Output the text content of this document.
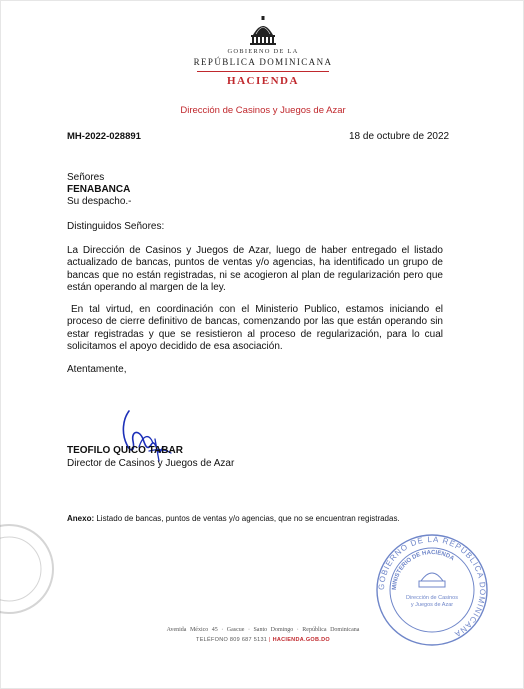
GOBIERNO DE LA
REPÚBLICA DOMINICANA
HACIENDA
Dirección de Casinos y Juegos de Azar
MH-2022-028891	18 de octubre de 2022
Señores
FENABANCA
Su despacho.-
Distinguidos Señores:
La Dirección de Casinos y Juegos de Azar, luego de haber entregado el listado actualizado de bancas, puntos de ventas y/o agencias, ha identificado un grupo de bancas que no están registradas, ni se acogieron al plan de regularización pero que están operando al margen de la ley.
En tal virtud, en coordinación con el Ministerio Publico, estamos iniciando el proceso de cierre definitivo de bancas, comenzando por las que están operando sin estar registradas y que se resistieron al proceso de regularización, para lo cual solicitamos el apoyo decidido de esa asociación.
Atentamente,
TEOFILO QUICO TABAR
Director de Casinos y Juegos de Azar
Anexo: Listado de bancas, puntos de ventas y/o agencias, que no se encuentran registradas.
GOBIERNO DE LA REPÚBLICA DOMINICANA
MINISTERIO DE HACIENDA
Dirección de Casinos
y Juegos de Azar
Avenida México 45 · Gascue · Santo Domingo · República Dominicana
TELÉFONO 809 687 5131 | HACIENDA.GOB.DO
